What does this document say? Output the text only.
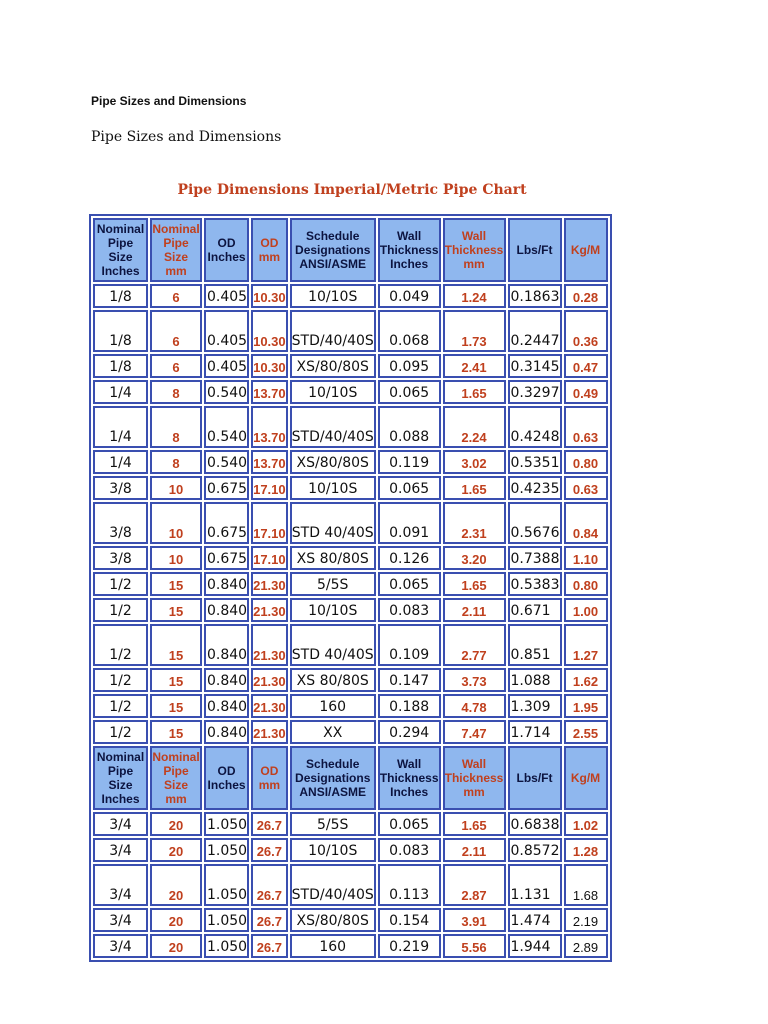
Pipe Sizes and Dimensions
Pipe Sizes and Dimensions
Pipe Dimensions Imperial/Metric Pipe Chart
Nominal Pipe Size Inches	Nominal Pipe Size mm	OD Inches	OD mm	Schedule Designations ANSI/ASME	Wall Thickness Inches	Wall Thickness mm	Lbs/Ft	Kg/M
1/8	6	0.405	10.30	10/10S	0.049	1.24	0.1863	0.28
1/8	6	0.405	10.30	STD/40/40S	0.068	1.73	0.2447	0.36
1/8	6	0.405	10.30	XS/80/80S	0.095	2.41	0.3145	0.47
1/4	8	0.540	13.70	10/10S	0.065	1.65	0.3297	0.49
1/4	8	0.540	13.70	STD/40/40S	0.088	2.24	0.4248	0.63
1/4	8	0.540	13.70	XS/80/80S	0.119	3.02	0.5351	0.80
3/8	10	0.675	17.10	10/10S	0.065	1.65	0.4235	0.63
3/8	10	0.675	17.10	STD 40/40S	0.091	2.31	0.5676	0.84
3/8	10	0.675	17.10	XS 80/80S	0.126	3.20	0.7388	1.10
1/2	15	0.840	21.30	5/5S	0.065	1.65	0.5383	0.80
1/2	15	0.840	21.30	10/10S	0.083	2.11	0.671	1.00
1/2	15	0.840	21.30	STD 40/40S	0.109	2.77	0.851	1.27
1/2	15	0.840	21.30	XS 80/80S	0.147	3.73	1.088	1.62
1/2	15	0.840	21.30	160	0.188	4.78	1.309	1.95
1/2	15	0.840	21.30	XX	0.294	7.47	1.714	2.55
Nominal Pipe Size Inches	Nominal Pipe Size mm	OD Inches	OD mm	Schedule Designations ANSI/ASME	Wall Thickness Inches	Wall Thickness mm	Lbs/Ft	Kg/M
3/4	20	1.050	26.7	5/5S	0.065	1.65	0.6838	1.02
3/4	20	1.050	26.7	10/10S	0.083	2.11	0.8572	1.28
3/4	20	1.050	26.7	STD/40/40S	0.113	2.87	1.131	1.68
3/4	20	1.050	26.7	XS/80/80S	0.154	3.91	1.474	2.19
3/4	20	1.050	26.7	160	0.219	5.56	1.944	2.89
